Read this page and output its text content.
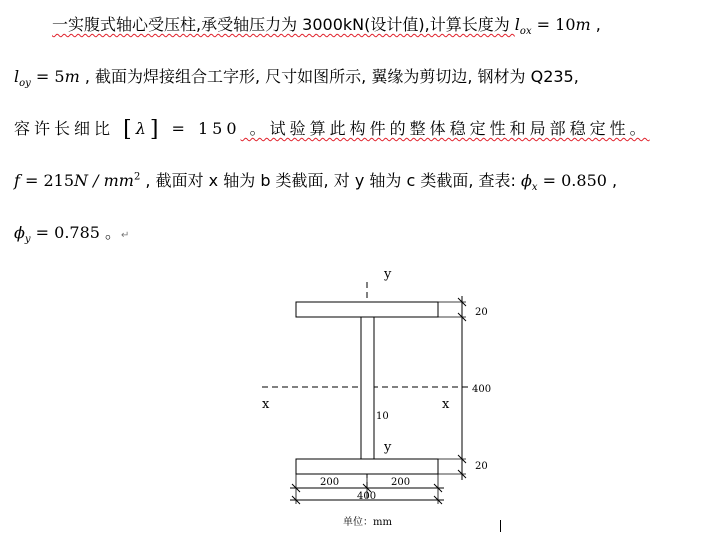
一实腹式轴心受压柱,承受轴压力为 3000kN(设计值),计算长度为 $l_{ox} = 10m$ ,
$l_{oy} = 5m$ , 截面为焊接组合工字形, 尺寸如图所示, 翼缘为剪切边, 钢材为 Q235,
容许长细比 [λ] = 150 。试验算此构件的整体稳定性和局部稳定性。
$f = 215N / mm^2$ , 截面对 x 轴为 b 类截面, 对 y 轴为 c 类截面, 查表: $\phi_x = 0.850$ ,
$\phi_y = 0.785$ 。↵
y
y
x	x
20
400
20
10
200	200
400
单位：mm
